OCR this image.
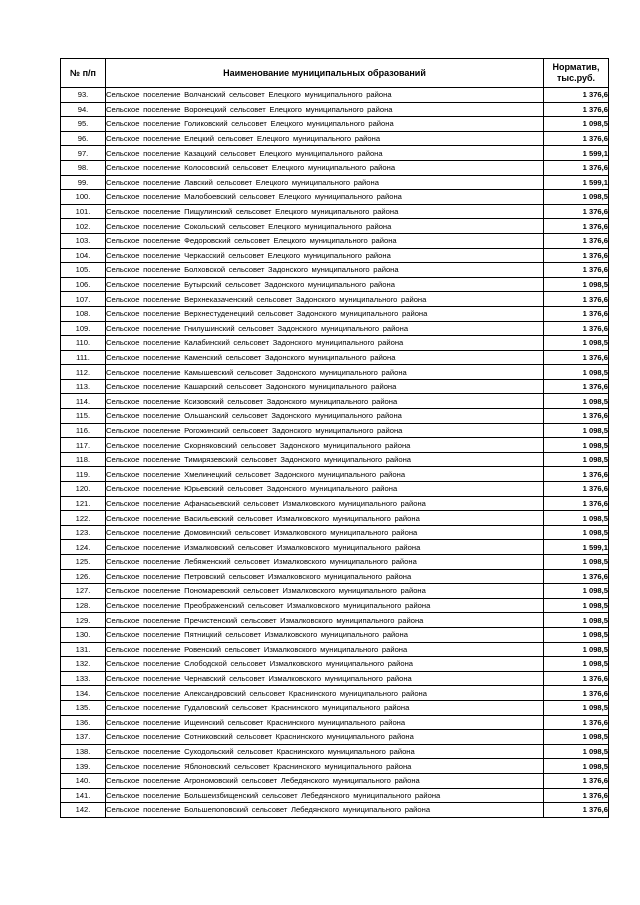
№ п/п	Наименование муниципальных образований	Норматив, тыс.руб.
93.	Сельское поселение Волчанский сельсовет Елецкого муниципального района	1 376,6
94.	Сельское поселение Воронецкий сельсовет Елецкого муниципального района	1 376,6
95.	Сельское поселение Голиковский сельсовет Елецкого муниципального района	1 098,5
96.	Сельское поселение Елецкий сельсовет Елецкого муниципального района	1 376,6
97.	Сельское поселение Казацкий сельсовет Елецкого муниципального района	1 599,1
98.	Сельское поселение Колосовский сельсовет Елецкого муниципального района	1 376,6
99.	Сельское поселение Лавский сельсовет Елецкого муниципального района	1 599,1
100.	Сельское поселение Малобоевский сельсовет Елецкого муниципального района	1 098,5
101.	Сельское поселение Пищулинский сельсовет Елецкого муниципального района	1 376,6
102.	Сельское поселение Сокольский сельсовет Елецкого муниципального района	1 376,6
103.	Сельское поселение Федоровский сельсовет Елецкого муниципального района	1 376,6
104.	Сельское поселение Черкасский сельсовет Елецкого муниципального района	1 376,6
105.	Сельское поселение Болховской сельсовет Задонского муниципального района	1 376,6
106.	Сельское поселение Бутырский сельсовет Задонского муниципального района	1 098,5
107.	Сельское поселение Верхнеказаченский сельсовет Задонского муниципального района	1 376,6
108.	Сельское поселение Верхнестуденецкий сельсовет Задонского муниципального района	1 376,6
109.	Сельское поселение Гнилушинский сельсовет Задонского муниципального района	1 376,6
110.	Сельское поселение Калабинский сельсовет Задонского муниципального района	1 098,5
111.	Сельское поселение Каменский сельсовет Задонского муниципального района	1 376,6
112.	Сельское поселение Камышевский сельсовет Задонского муниципального района	1 098,5
113.	Сельское поселение Кашарский сельсовет Задонского муниципального района	1 376,6
114.	Сельское поселение Ксизовский сельсовет Задонского муниципального района	1 098,5
115.	Сельское поселение Ольшанский сельсовет Задонского муниципального района	1 376,6
116.	Сельское поселение Рогожинский сельсовет Задонского муниципального района	1 098,5
117.	Сельское поселение Скорняковский сельсовет Задонского муниципального района	1 098,5
118.	Сельское поселение Тимирязевский сельсовет Задонского муниципального района	1 098,5
119.	Сельское поселение Хмелинецкий сельсовет Задонского муниципального района	1 376,6
120.	Сельское поселение Юрьевский сельсовет Задонского муниципального района	1 376,6
121.	Сельское поселение Афанасьевский сельсовет Измалковского муниципального района	1 376,6
122.	Сельское поселение Васильевский сельсовет Измалковского муниципального района	1 098,5
123.	Сельское поселение Домовинский сельсовет Измалковского муниципального района	1 098,5
124.	Сельское поселение Измалковский сельсовет Измалковского муниципального района	1 599,1
125.	Сельское поселение Лебяженский сельсовет Измалковского муниципального района	1 098,5
126.	Сельское поселение Петровский сельсовет Измалковского муниципального района	1 376,6
127.	Сельское поселение Пономаревский сельсовет Измалковского муниципального района	1 098,5
128.	Сельское поселение Преображенский сельсовет Измалковского муниципального района	1 098,5
129.	Сельское поселение Пречистенский сельсовет Измалковского муниципального района	1 098,5
130.	Сельское поселение Пятницкий сельсовет Измалковского муниципального района	1 098,5
131.	Сельское поселение Ровенский сельсовет Измалковского муниципального района	1 098,5
132.	Сельское поселение Слободской сельсовет Измалковского муниципального района	1 098,5
133.	Сельское поселение Чернавский сельсовет Измалковского муниципального района	1 376,6
134.	Сельское поселение Александровский сельсовет Краснинского муниципального района	1 376,6
135.	Сельское поселение Гудаловский сельсовет Краснинского муниципального района	1 098,5
136.	Сельское поселение Ищеинский сельсовет Краснинского муниципального района	1 376,6
137.	Сельское поселение Сотниковский сельсовет Краснинского муниципального района	1 098,5
138.	Сельское поселение Суходольский сельсовет Краснинского муниципального района	1 098,5
139.	Сельское поселение Яблоновский сельсовет Краснинского муниципального района	1 098,5
140.	Сельское поселение Агрономовский сельсовет Лебедянского муниципального района	1 376,6
141.	Сельское поселение Большеизбищенский сельсовет Лебедянского муниципального района	1 376,6
142.	Сельское поселение Большепоповский сельсовет Лебедянского муниципального района	1 376,6
